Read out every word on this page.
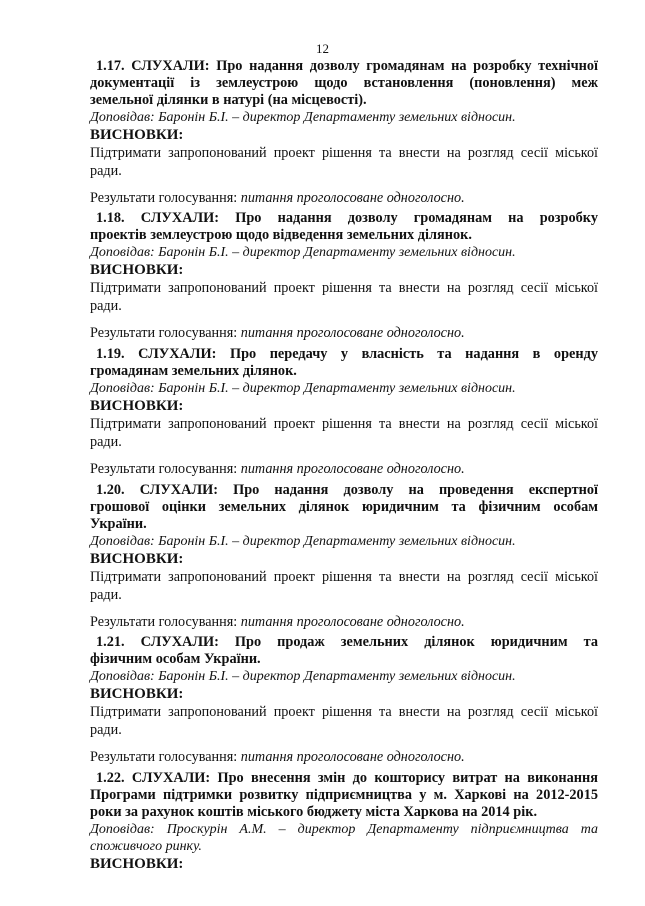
12
1.17. СЛУХАЛИ: Про надання дозволу громадянам на розробку технічної
документації із землеустрою щодо встановлення (поновлення) меж
земельної ділянки в натурі (на місцевості).
Доповідав: Баронін Б.І. – директор Департаменту земельних відносин.
ВИСНОВКИ:
Підтримати запропонований проект рішення та внести на розгляд сесії міської
ради.
Результати голосування: питання проголосоване одноголосно.
1.18. СЛУХАЛИ: Про надання дозволу громадянам на розробку
проектів землеустрою щодо відведення земельних ділянок.
Доповідав: Баронін Б.І. – директор Департаменту земельних відносин.
ВИСНОВКИ:
Підтримати запропонований проект рішення та внести на розгляд сесії міської
ради.
Результати голосування: питання проголосоване одноголосно.
1.19. СЛУХАЛИ: Про передачу у власність та надання в оренду
громадянам земельних ділянок.
Доповідав: Баронін Б.І. – директор Департаменту земельних відносин.
ВИСНОВКИ:
Підтримати запропонований проект рішення та внести на розгляд сесії міської
ради.
Результати голосування: питання проголосоване одноголосно.
1.20. СЛУХАЛИ: Про надання дозволу на проведення експертної
грошової оцінки земельних ділянок юридичним та фізичним особам
України.
Доповідав: Баронін Б.І. – директор Департаменту земельних відносин.
ВИСНОВКИ:
Підтримати запропонований проект рішення та внести на розгляд сесії міської
ради.
Результати голосування: питання проголосоване одноголосно.
1.21. СЛУХАЛИ: Про продаж земельних ділянок юридичним та
фізичним особам України.
Доповідав: Баронін Б.І. – директор Департаменту земельних відносин.
ВИСНОВКИ:
Підтримати запропонований проект рішення та внести на розгляд сесії міської
ради.
Результати голосування: питання проголосоване одноголосно.
1.22. СЛУХАЛИ: Про внесення змін до кошторису витрат на виконання
Програми підтримки розвитку підприємництва у м. Харкові на 2012-2015
роки за рахунок коштів міського бюджету міста Харкова на 2014 рік.
Доповідав: Проскурін А.М. – директор Департаменту підприємництва та
споживчого ринку.
ВИСНОВКИ:
